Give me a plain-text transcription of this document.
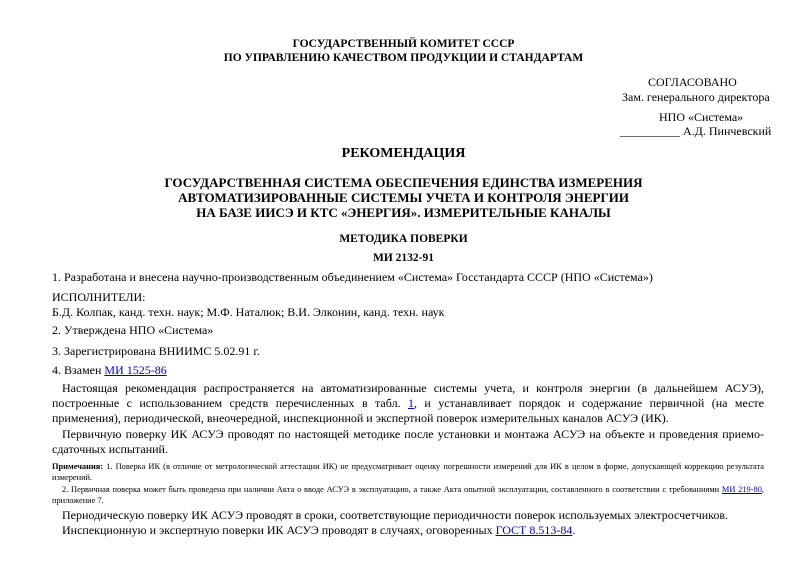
ГОСУДАРСТВЕННЫЙ КОМИТЕТ СССР
ПО УПРАВЛЕНИЮ КАЧЕСТВОМ ПРОДУКЦИИ И СТАНДАРТАМ
СОГЛАСОВАНО
Зам. генерального директора
НПО «Система»
__________ А.Д. Пинчевский
РЕКОМЕНДАЦИЯ
ГОСУДАРСТВЕННАЯ СИСТЕМА ОБЕСПЕЧЕНИЯ ЕДИНСТВА ИЗМЕРЕНИЯ
АВТОМАТИЗИРОВАННЫЕ СИСТЕМЫ УЧЕТА И КОНТРОЛЯ ЭНЕРГИИ
НА БАЗЕ ИИСЭ И КТС «ЭНЕРГИЯ». ИЗМЕРИТЕЛЬНЫЕ КАНАЛЫ
МЕТОДИКА ПОВЕРКИ
МИ 2132-91
1. Разработана и внесена научно-производственным объединением «Система» Госстандарта СССР (НПО «Система»)
ИСПОЛНИТЕЛИ:
Б.Д. Колпак, канд. техн. наук; М.Ф. Наталюк; В.И. Элконин, канд. техн. наук
2. Утверждена НПО «Система»
3. Зарегистрирована ВНИИМС 5.02.91 г.
4. Взамен МИ 1525-86
Настоящая рекомендация распространяется на автоматизированные системы учета, и контроля энергии (в дальнейшем АСУЭ), построенные с использованием средств перечисленных в табл. 1, и устанавливает порядок и содержание первичной (на месте применения), периодической, внеочередной, инспекционной и экспертной поверок измерительных каналов АСУЭ (ИК).
Первичную поверку ИК АСУЭ проводят по настоящей методике после установки и монтажа АСУЭ на объекте и проведения приемо-сдаточных испытаний.
Примечания: 1. Поверка ИК (в отличие от метрологической аттестации ИК) не предусматривает оценку погрешности измерений для ИК в целом в форме, допускающей коррекцию результата измерений.
2. Первичная поверка может быть проведена при наличии Акта о вводе АСУЭ в эксплуатацию, а также Акта опытной эксплуатации, составленного в соответствии с требованиями МИ 219-80, приложение 7.
Периодическую поверку ИК АСУЭ проводят в сроки, соответствующие периодичности поверок используемых электросчетчиков.
Инспекционную и экспертную поверки ИК АСУЭ проводят в случаях, оговоренных ГОСТ 8.513-84.
